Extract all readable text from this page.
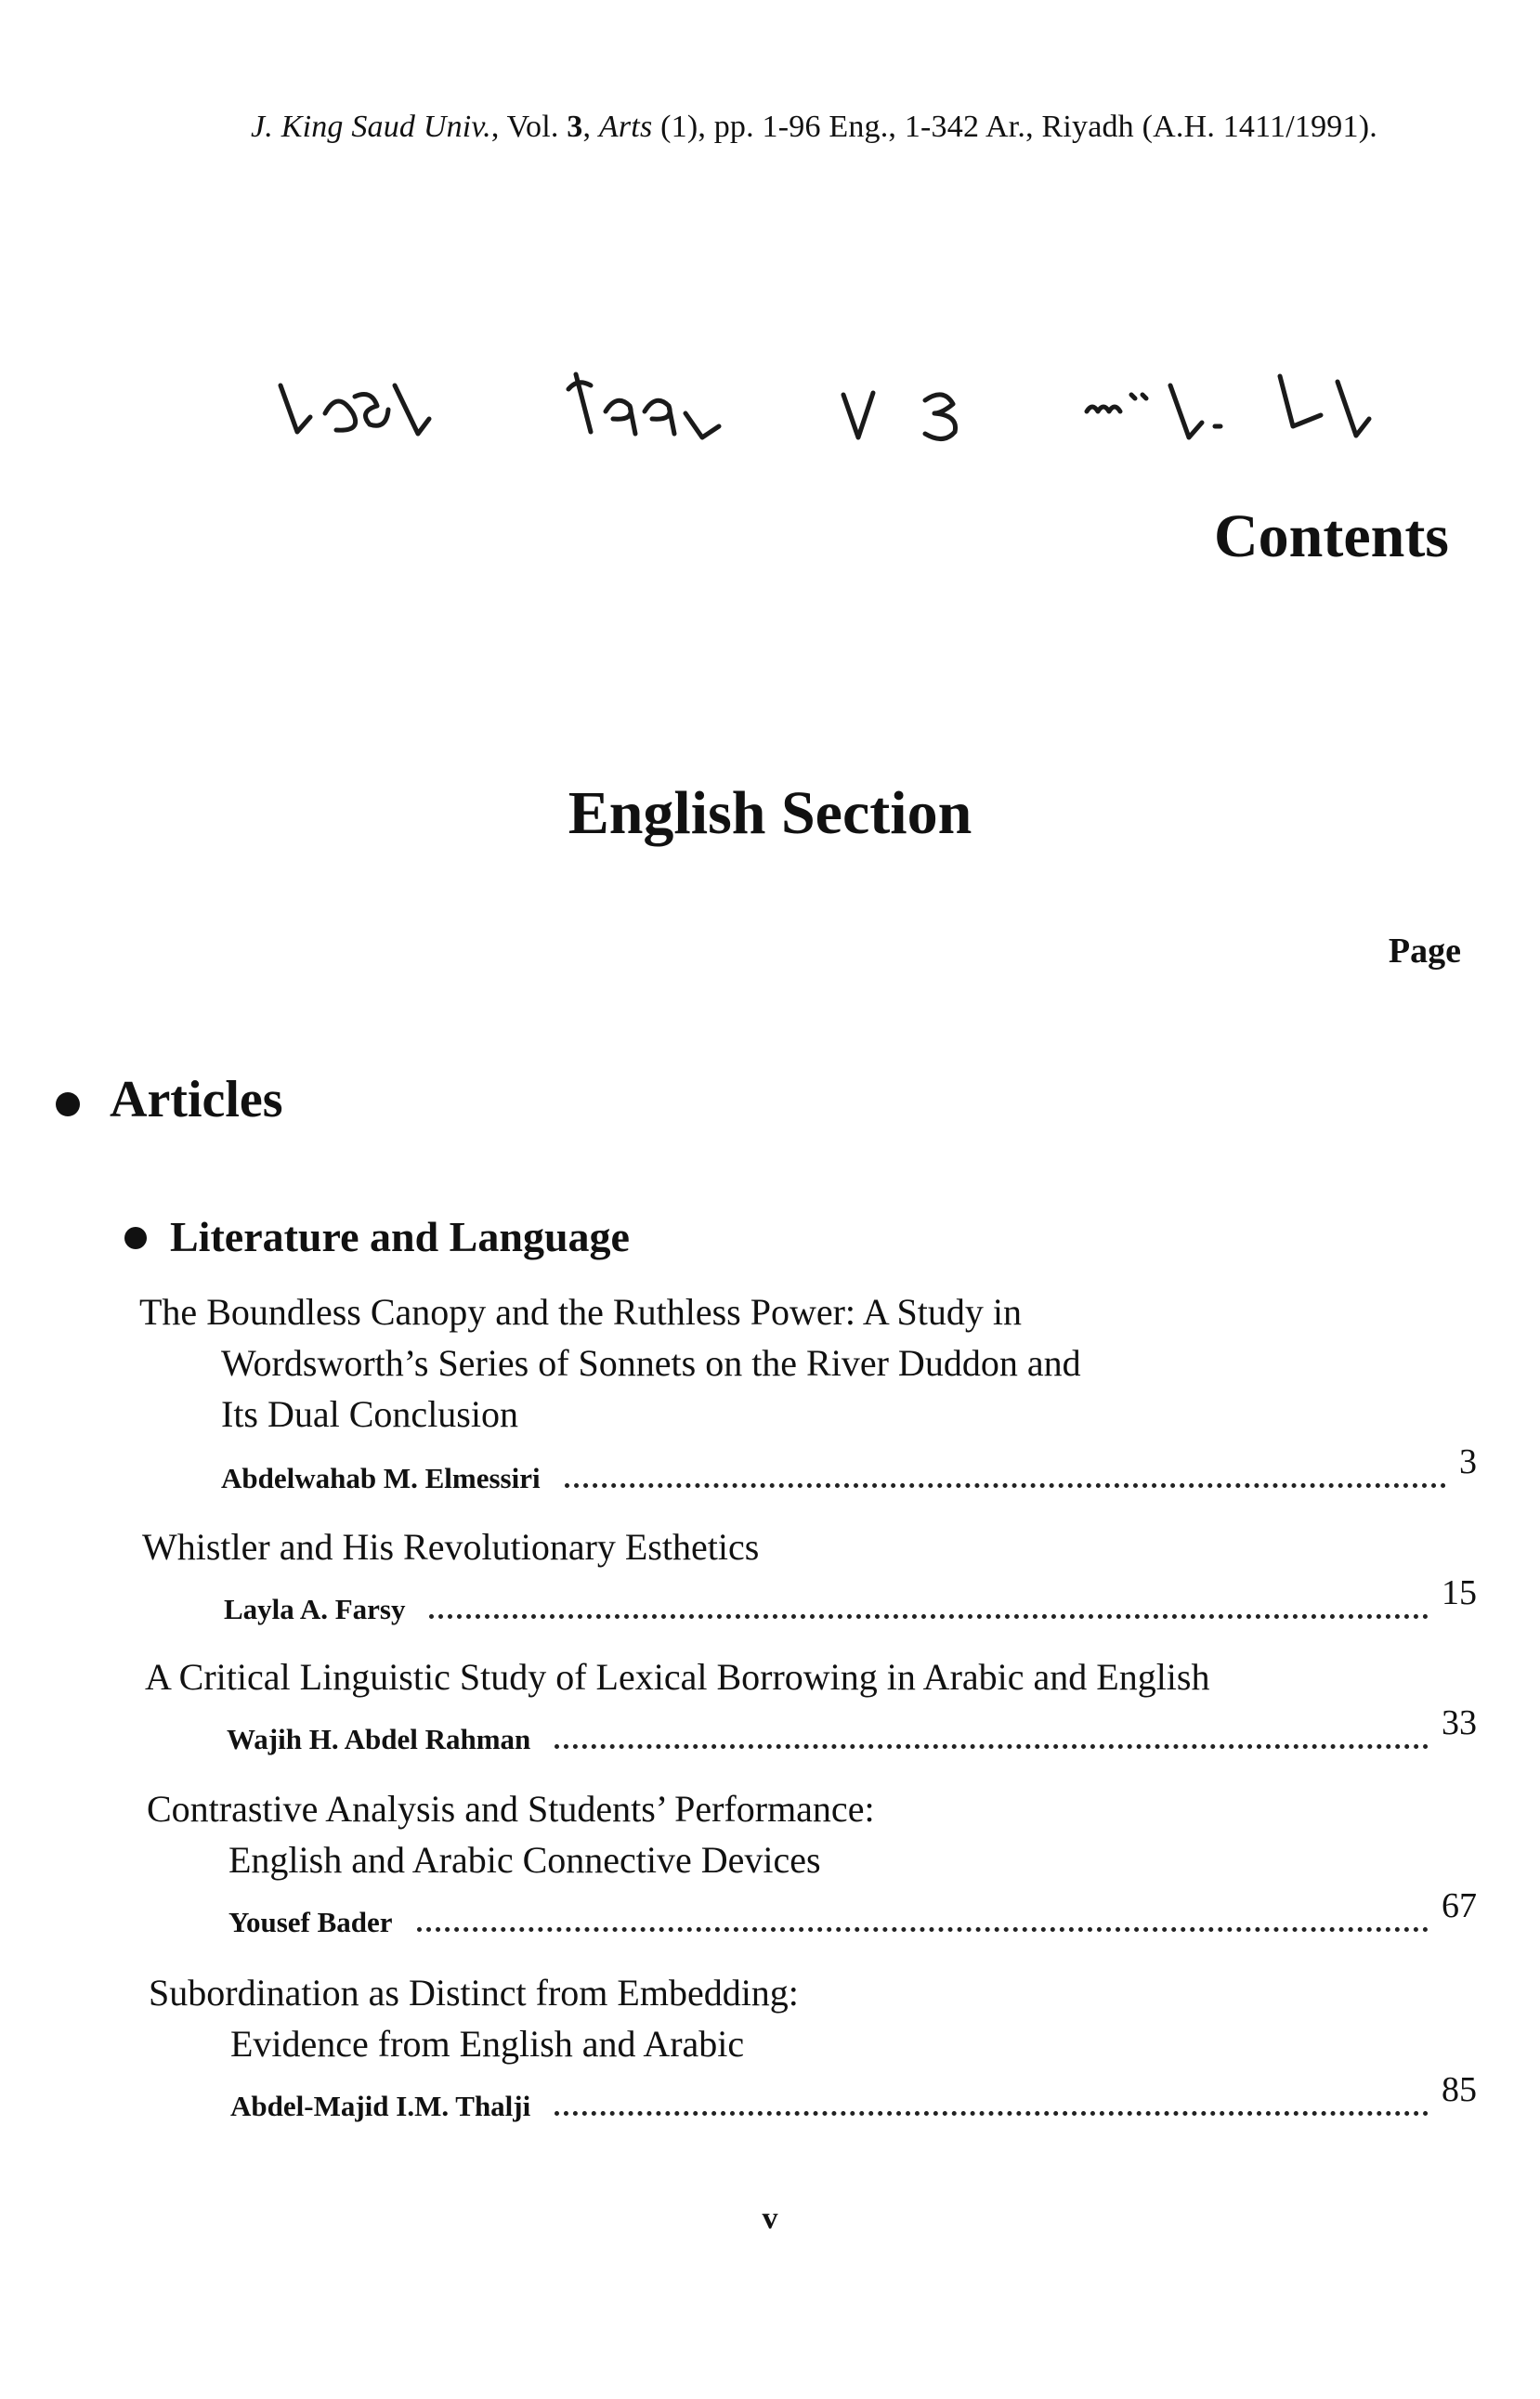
J. King Saud Univ., Vol. 3, Arts (1), pp. 1-96 Eng., 1-342 Ar., Riyadh (A.H. 1411/1991).
Contents
English Section
Page
Articles
Literature and Language
The Boundless Canopy and the Ruthless Power: A Study in
Wordsworth’s Series of Sonnets on the River Duddon and
Its Dual Conclusion
Abdelwahab M. Elmessiri	3
Whistler and His Revolutionary Esthetics
Layla A. Farsy	15
A Critical Linguistic Study of Lexical Borrowing in Arabic and English
Wajih H. Abdel Rahman	33
Contrastive Analysis and Students’ Performance:
English and Arabic Connective Devices
Yousef Bader	67
Subordination as Distinct from Embedding:
Evidence from English and Arabic
Abdel-Majid I.M. Thalji	85
v
